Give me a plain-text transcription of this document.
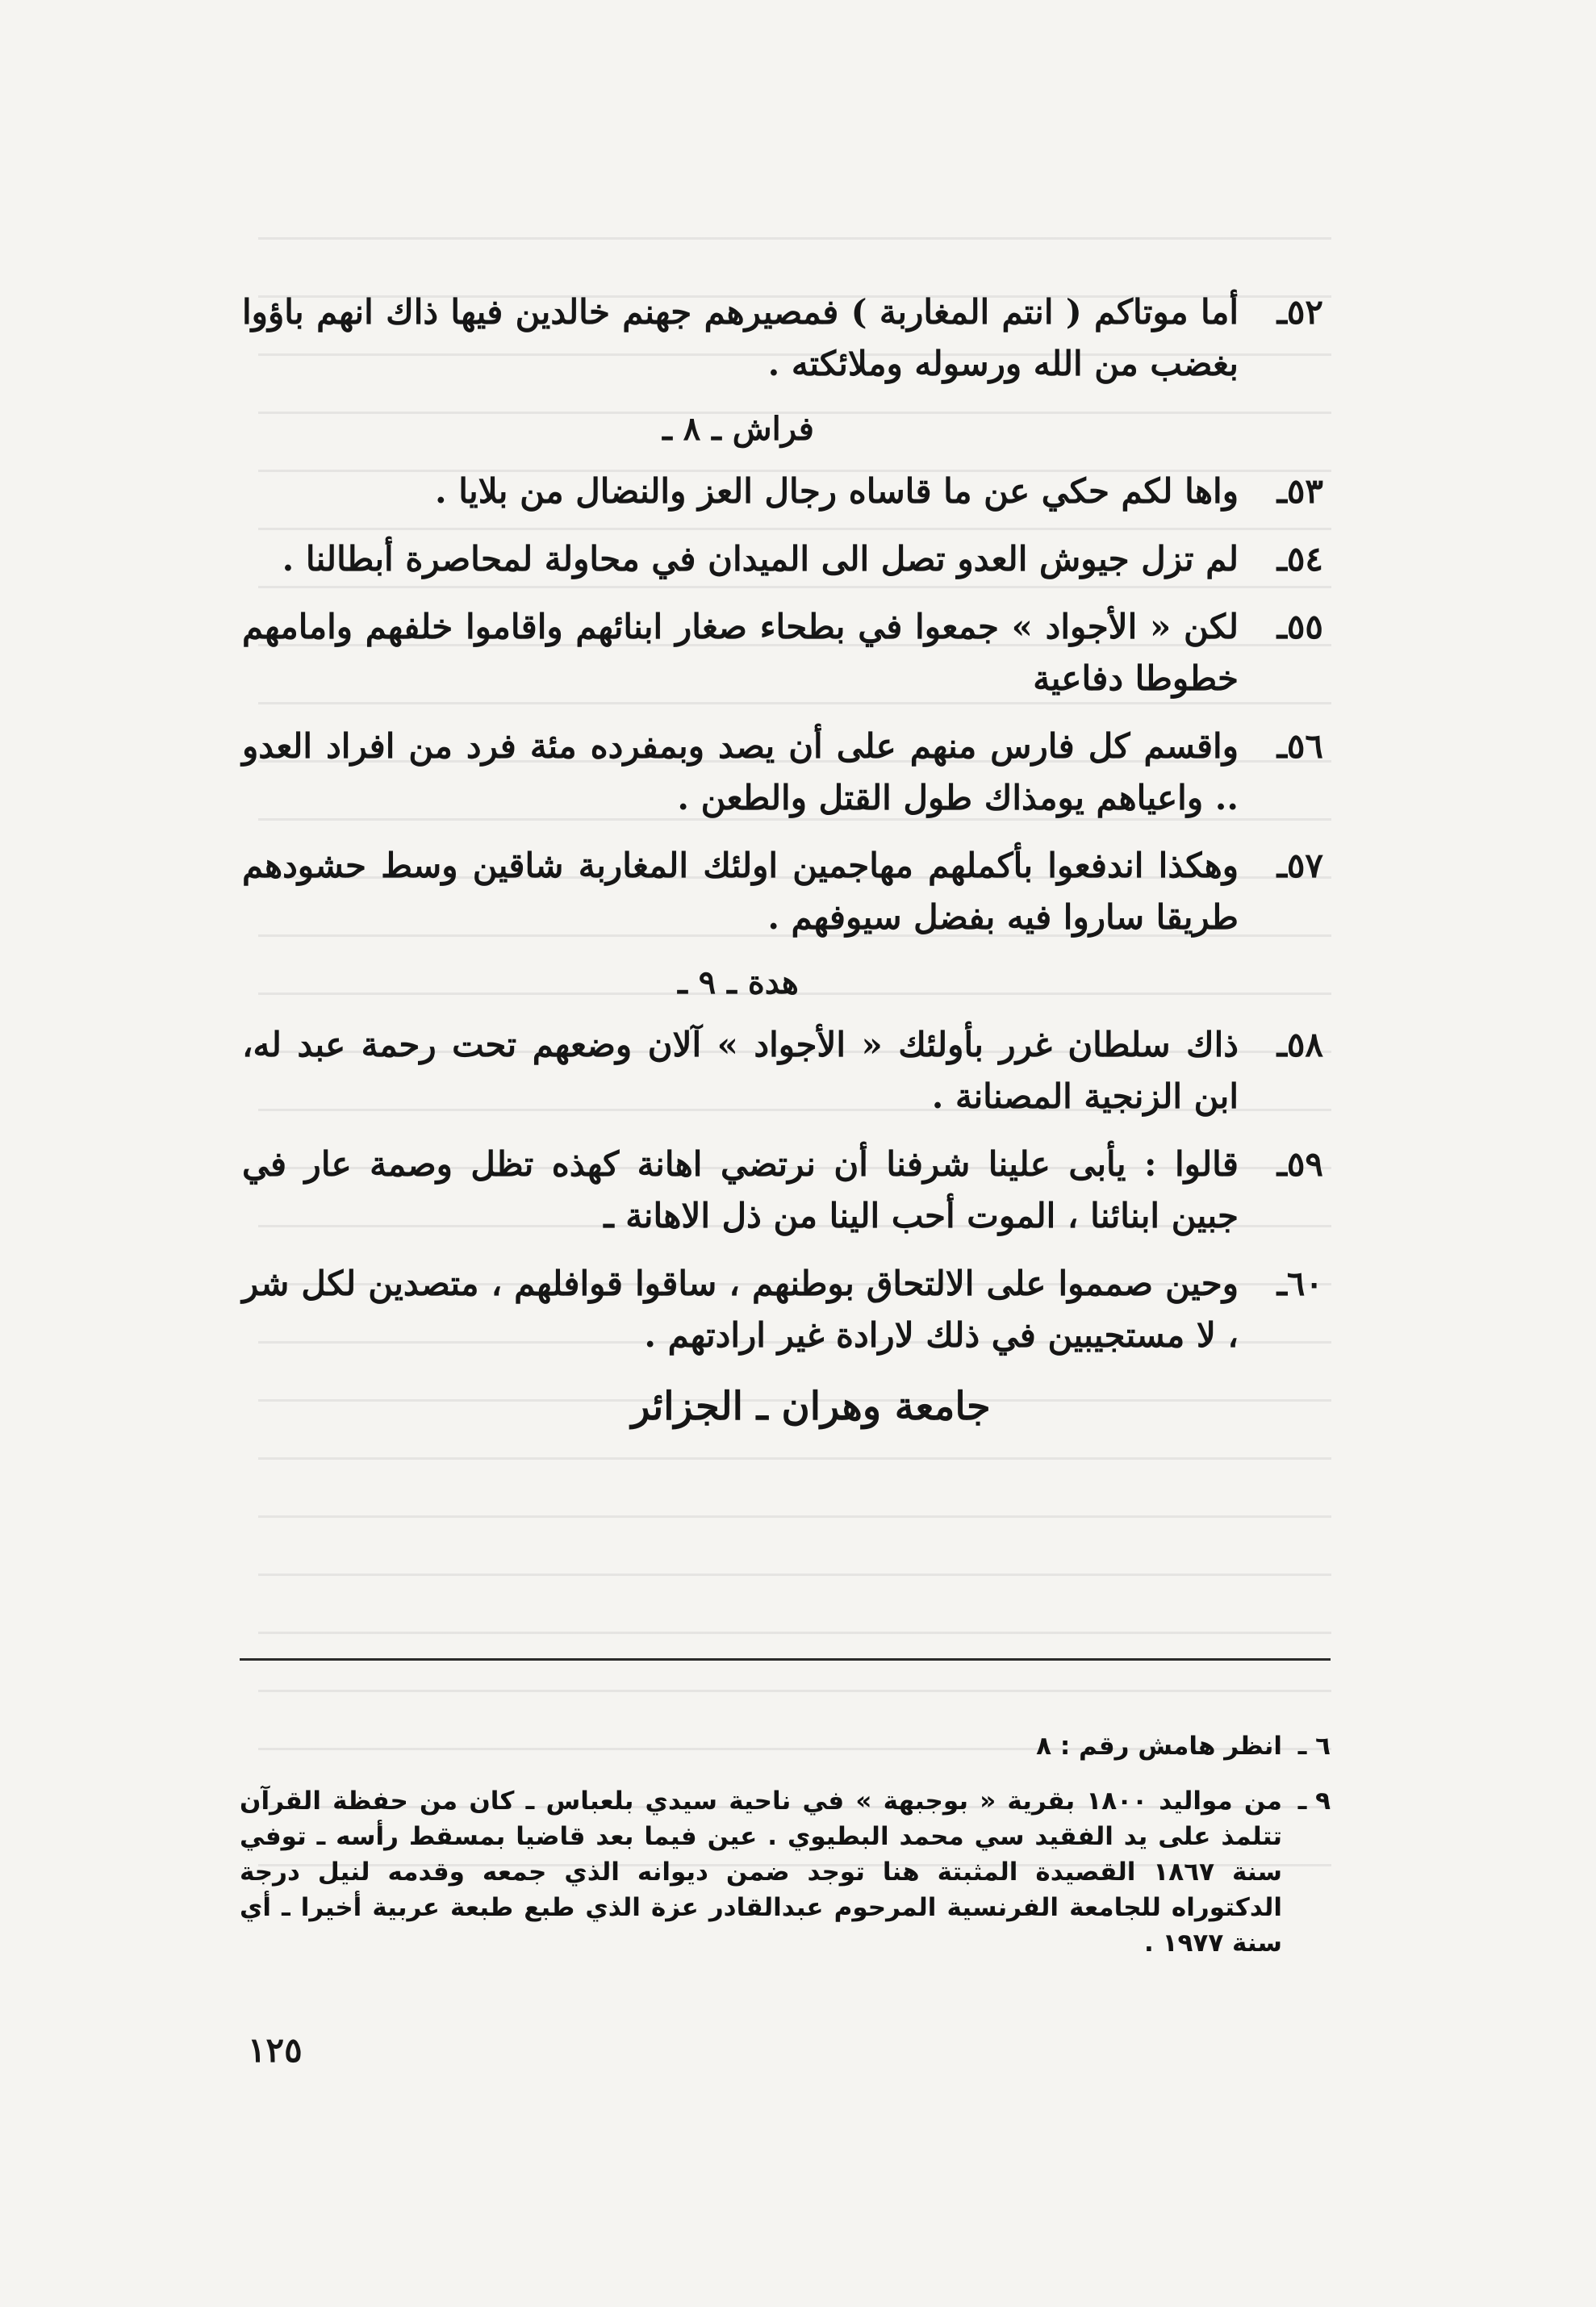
٥٢ـ
أما موتاكم ( انتم المغاربة ) فمصيرهم جهنم خالدين فيها ذاك انهم باؤوا بغضب من الله ورسوله وملائكته .
فراش ـ ٨ ـ
٥٣ـ
واها لكم حكي عن ما قاساه رجال العز والنضال من بلايا .
٥٤ـ
لم تزل جيوش العدو تصل الى الميدان في محاولة لمحاصرة أبطالنا .
٥٥ـ
لكن « الأجواد » جمعوا في بطحاء صغار ابنائهم واقاموا خلفهم وامامهم خطوطا دفاعية
٥٦ـ
واقسم كل فارس منهم على أن يصد وبمفرده مئة فرد من افراد العدو .. واعياهم يومذاك طول القتل والطعن .
٥٧ـ
وهكذا اندفعوا بأكملهم مهاجمين اولئك المغاربة شاقين وسط حشودهم طريقا ساروا فيه بفضل سيوفهم .
هدة ـ ٩ ـ
٥٨ـ
ذاك سلطان غرر بأولئك « الأجواد » آلان وضعهم تحت رحمة عبد له، ابن الزنجية المصنانة .
٥٩ـ
قالوا : يأبى علينا شرفنا أن نرتضي اهانة كهذه تظل وصمة عار في جبين ابنائنا ، الموت أحب الينا من ذل الاهانة ـ
٦٠ـ
وحين صمموا على الالتحاق بوطنهم ، ساقوا قوافلهم ، متصدين لكل شر ، لا مستجيبين في ذلك لارادة غير ارادتهم .
جامعة وهران ـ الجزائر
٦ ـ
انظر هامش رقم : ٨
٩ ـ
من مواليد ١٨٠٠ بقرية « بوجبهة » في ناحية سيدي بلعباس ـ كان من حفظة القرآن تتلمذ على يد الفقيد سي محمد البطيوي . عين فيما بعد قاضيا بمسقط رأسه ـ توفي سنة ١٨٦٧ القصيدة المثبتة هنا توجد ضمن ديوانه الذي جمعه وقدمه لنيل درجة الدكتوراه للجامعة الفرنسية المرحوم عبدالقادر عزة الذي طبع طبعة عربية أخيرا ـ أي سنة ١٩٧٧ .
١٢٥
